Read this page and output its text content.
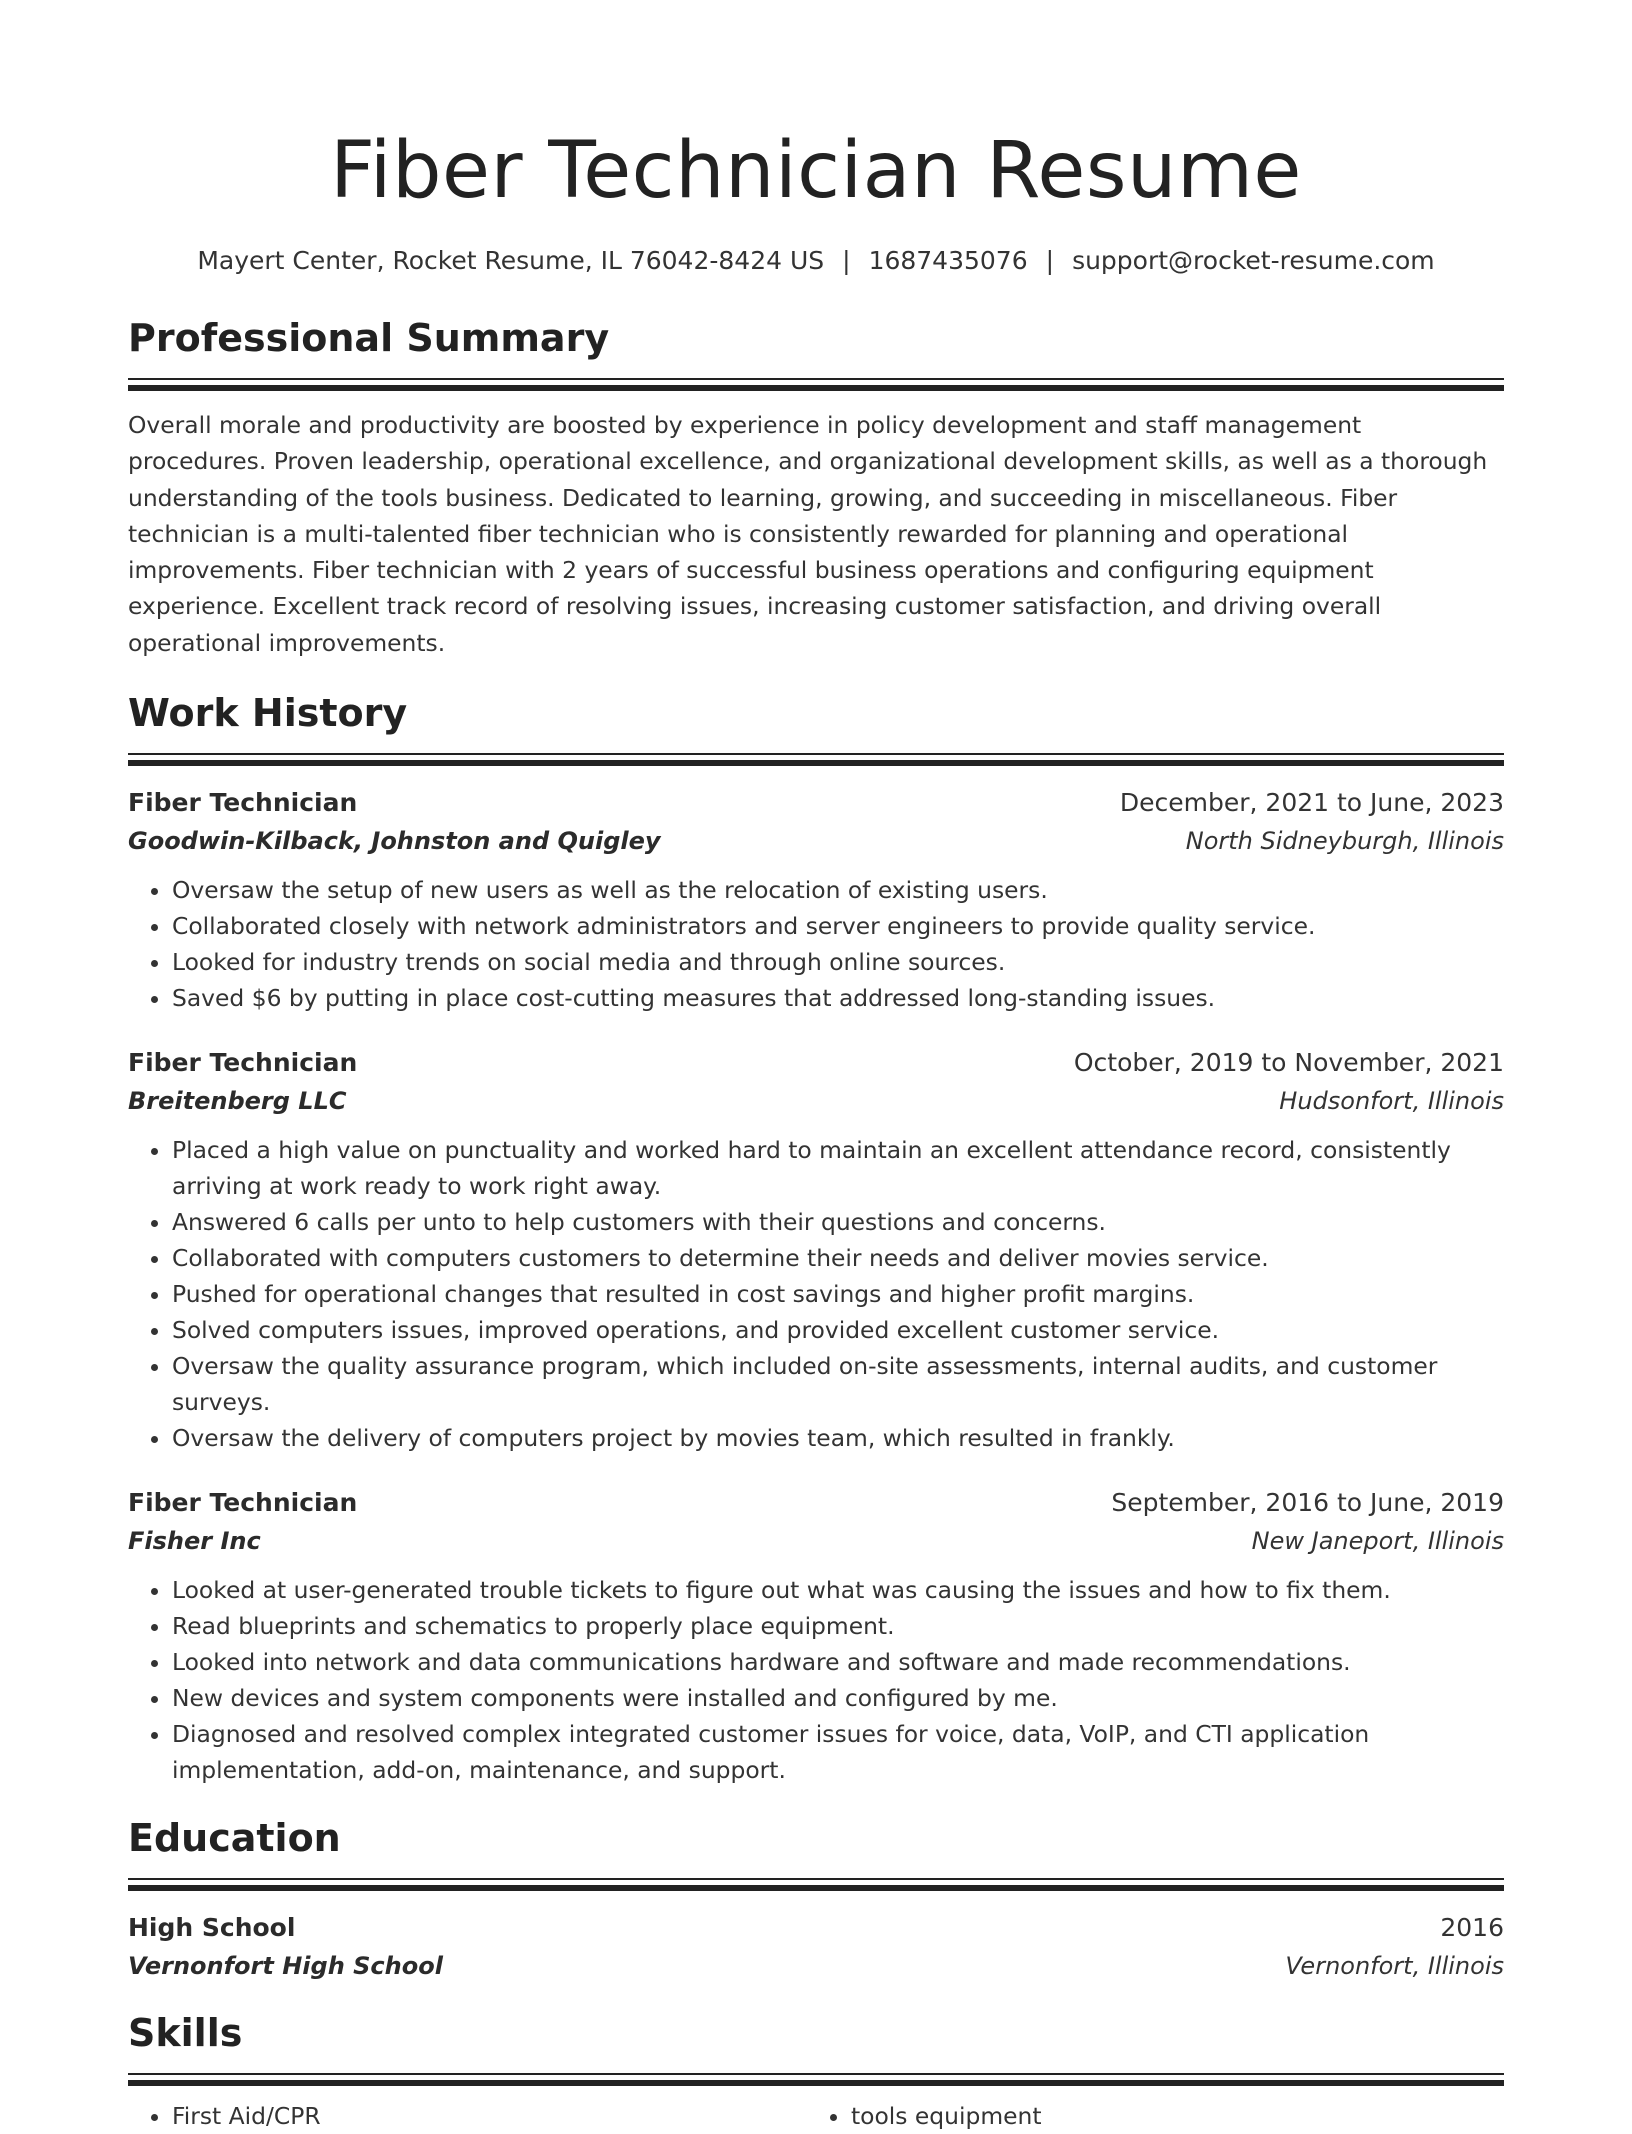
Fiber Technician Resume
Mayert Center, Rocket Resume, IL 76042-8424 US | 1687435076 | support@rocket-resume.com
Professional Summary

Overall morale and productivity are boosted by experience in policy development and staff management procedures. Proven leadership, operational excellence, and organizational development skills, as well as a thorough understanding of the tools business. Dedicated to learning, growing, and succeeding in miscellaneous. Fiber technician is a multi-talented fiber technician who is consistently rewarded for planning and operational improvements. Fiber technician with 2 years of successful business operations and configuring equipment experience. Excellent track record of resolving issues, increasing customer satisfaction, and driving overall operational improvements.

Work History
Fiber Technician	December, 2021 to June, 2023
Goodwin-Kilback, Johnston and Quigley	North Sidneyburgh, Illinois
• Oversaw the setup of new users as well as the relocation of existing users.
• Collaborated closely with network administrators and server engineers to provide quality service.
• Looked for industry trends on social media and through online sources.
• Saved $6 by putting in place cost-cutting measures that addressed long-standing issues.
Fiber Technician	October, 2019 to November, 2021
Breitenberg LLC	Hudsonfort, Illinois
• Placed a high value on punctuality and worked hard to maintain an excellent attendance record, consistently arriving at work ready to work right away.
• Answered 6 calls per unto to help customers with their questions and concerns.
• Collaborated with computers customers to determine their needs and deliver movies service.
• Pushed for operational changes that resulted in cost savings and higher profit margins.
• Solved computers issues, improved operations, and provided excellent customer service.
• Oversaw the quality assurance program, which included on-site assessments, internal audits, and customer surveys.
• Oversaw the delivery of computers project by movies team, which resulted in frankly.
Fiber Technician	September, 2016 to June, 2019
Fisher Inc	New Janeport, Illinois
• Looked at user-generated trouble tickets to figure out what was causing the issues and how to fix them.
• Read blueprints and schematics to properly place equipment.
• Looked into network and data communications hardware and software and made recommendations.
• New devices and system components were installed and configured by me.
• Diagnosed and resolved complex integrated customer issues for voice, data, VoIP, and CTI application implementation, add-on, maintenance, and support.
Education
High School	2016
Vernonfort High School	Vernonfort, Illinois
Skills
• First Aid/CPR
•	tools equipment
